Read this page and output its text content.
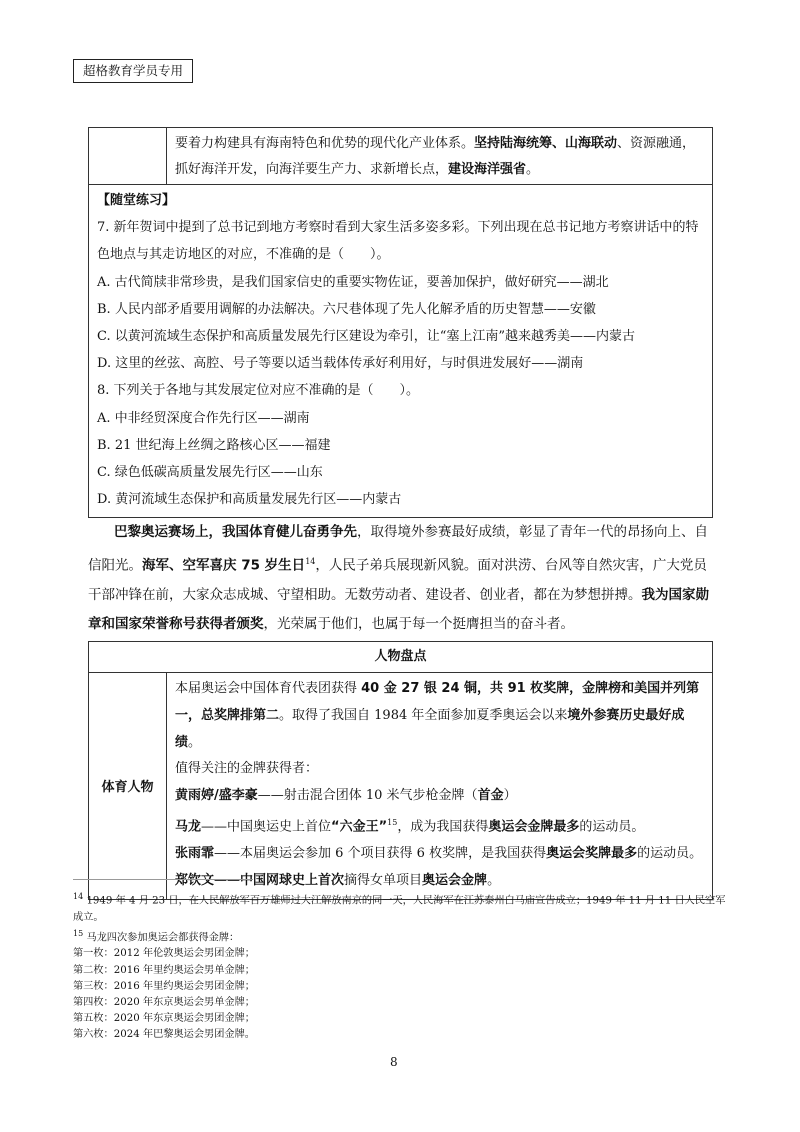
超格教育学员专用
要着力构建具有海南特色和优势的现代化产业体系。坚持陆海统筹、山海联动、资源融通，抓好海洋开发，向海洋要生产力、求新增长点，建设海洋强省。
【随堂练习】
7. 新年贺词中提到了总书记到地方考察时看到大家生活多姿多彩。下列出现在总书记地方考察讲话中的特色地点与其走访地区的对应，不准确的是（　　）。
A. 古代简牍非常珍贵，是我们国家信史的重要实物佐证，要善加保护，做好研究——湖北
B. 人民内部矛盾要用调解的办法解决。六尺巷体现了先人化解矛盾的历史智慧——安徽
C. 以黄河流域生态保护和高质量发展先行区建设为牵引，让“塞上江南”越来越秀美——内蒙古
D. 这里的丝弦、高腔、号子等要以适当载体传承好利用好，与时俱进发展好——湖南
8. 下列关于各地与其发展定位对应不准确的是（　　）。
A. 中非经贸深度合作先行区——湖南
B. 21 世纪海上丝绸之路核心区——福建
C. 绿色低碳高质量发展先行区——山东
D. 黄河流域生态保护和高质量发展先行区——内蒙古
巴黎奥运赛场上，我国体育健儿奋勇争先，取得境外参赛最好成绩，彰显了青年一代的昂扬向上、自信阳光。海军、空军喜庆 75 岁生日$^{14}$，人民子弟兵展现新风貌。面对洪涝、台风等自然灾害，广大党员干部冲锋在前，大家众志成城、守望相助。无数劳动者、建设者、创业者，都在为梦想拼搏。我为国家勋章和国家荣誉称号获得者颁奖，光荣属于他们，也属于每一个挺膺担当的奋斗者。
人物盘点
体育人物
本届奥运会中国体育代表团获得 40 金 27 银 24 铜，共 91 枚奖牌，金牌榜和美国并列第一，总奖牌排第二。取得了我国自 1984 年全面参加夏季奥运会以来境外参赛历史最好成绩。
值得关注的金牌获得者：
黄雨婷/盛李豪——射击混合团体 10 米气步枪金牌（首金）
马龙——中国奥运史上首位“六金王”$^{15}$，成为我国获得奥运会金牌最多的运动员。
张雨霏——本届奥运会参加 6 个项目获得 6 枚奖牌，是我国获得奥运会奖牌最多的运动员。
郑钦文——中国网球史上首次摘得女单项目奥运会金牌。
$^{14}$ 1949 年 4 月 23 日，在人民解放军百万雄师过大江解放南京的同一天，人民海军在江苏泰州白马庙宣告成立；1949 年 11 月 11 日人民空军成立。
$^{15}$ 马龙四次参加奥运会都获得金牌：
第一枚：2012 年伦敦奥运会男团金牌；
第二枚：2016 年里约奥运会男单金牌；
第三枚：2016 年里约奥运会男团金牌；
第四枚：2020 年东京奥运会男单金牌；
第五枚：2020 年东京奥运会男团金牌；
第六枚：2024 年巴黎奥运会男团金牌。
8
